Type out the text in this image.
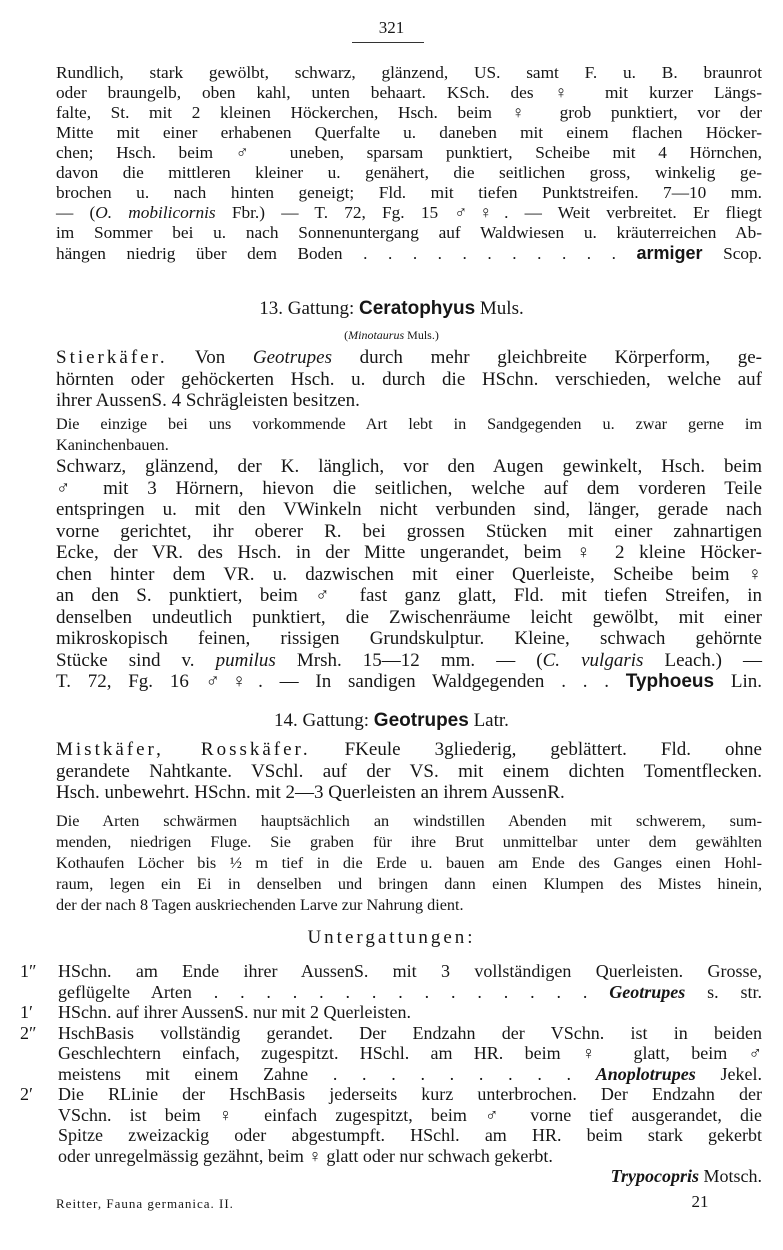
321
Rundlich, stark gewölbt, schwarz, glänzend, US. samt F. u. B. braunrot
oder braungelb, oben kahl, unten behaart. KSch. des ♀ mit kurzer Längs-
falte, St. mit 2 kleinen Höckerchen, Hsch. beim ♀ grob punktiert, vor der
Mitte mit einer erhabenen Querfalte u. daneben mit einem flachen Höcker-
chen; Hsch. beim ♂ uneben, sparsam punktiert, Scheibe mit 4 Hörnchen,
davon die mittleren kleiner u. genähert, die seitlichen gross, winkelig ge-
brochen u. nach hinten geneigt; Fld. mit tiefen Punktstreifen. 7—10 mm.
— (O. mobilicornis Fbr.) — T. 72, Fg. 15 ♂♀. — Weit verbreitet. Er fliegt
im Sommer bei u. nach Sonnenuntergang auf Waldwiesen u. kräuterreichen Ab-
hängen niedrig über dem Boden . . . . . . . . . . . armiger Scop.
13. Gattung: Ceratophyus Muls.
(Minotaurus Muls.)
Stierkäfer. Von Geotrupes durch mehr gleichbreite Körperform, ge-
hörnten oder gehöckerten Hsch. u. durch die HSchn. verschieden, welche auf
ihrer AussenS. 4 Schrägleisten besitzen.
Die einzige bei uns vorkommende Art lebt in Sandgegenden u. zwar gerne im
Kaninchenbauen.
Schwarz, glänzend, der K. länglich, vor den Augen gewinkelt, Hsch. beim
♂ mit 3 Hörnern, hievon die seitlichen, welche auf dem vorderen Teile
entspringen u. mit den VWinkeln nicht verbunden sind, länger, gerade nach
vorne gerichtet, ihr oberer R. bei grossen Stücken mit einer zahnartigen
Ecke, der VR. des Hsch. in der Mitte ungerandet, beim ♀ 2 kleine Höcker-
chen hinter dem VR. u. dazwischen mit einer Querleiste, Scheibe beim ♀
an den S. punktiert, beim ♂ fast ganz glatt, Fld. mit tiefen Streifen, in
denselben undeutlich punktiert, die Zwischenräume leicht gewölbt, mit einer
mikroskopisch feinen, rissigen Grundskulptur. Kleine, schwach gehörnte
Stücke sind v. pumilus Mrsh. 15—12 mm. — (C. vulgaris Leach.) —
T. 72, Fg. 16 ♂♀. — In sandigen Waldgegenden . . . Typhoeus Lin.
14. Gattung: Geotrupes Latr.
Mistkäfer, Rosskäfer. FKeule 3gliederig, geblättert. Fld. ohne
gerandete Nahtkante. VSchl. auf der VS. mit einem dichten Tomentflecken.
Hsch. unbewehrt. HSchn. mit 2—3 Querleisten an ihrem AussenR.
Die Arten schwärmen hauptsächlich an windstillen Abenden mit schwerem, sum-
menden, niedrigen Fluge. Sie graben für ihre Brut unmittelbar unter dem gewählten
Kothaufen Löcher bis ½ m tief in die Erde u. bauen am Ende des Ganges einen Hohl-
raum, legen ein Ei in denselben und bringen dann einen Klumpen des Mistes hinein,
der der nach 8 Tagen auskriechenden Larve zur Nahrung dient.
Untergattungen:
1″	HSchn. am Ende ihrer AussenS. mit 3 vollständigen Querleisten. Grosse,
geflügelte Arten . . . . . . . . . . . . . . . Geotrupes s. str.
1′	HSchn. auf ihrer AussenS. nur mit 2 Querleisten.
2″	HschBasis vollständig gerandet. Der Endzahn der VSchn. ist in beiden
Geschlechtern einfach, zugespitzt. HSchl. am HR. beim ♀ glatt, beim ♂
meistens mit einem Zahne . . . . . . . . . Anoplotrupes Jekel.
2′	Die RLinie der HschBasis jederseits kurz unterbrochen. Der Endzahn der
VSchn. ist beim ♀ einfach zugespitzt, beim ♂ vorne tief ausgerandet, die
Spitze zweizackig oder abgestumpft. HSchl. am HR. beim stark gekerbt
oder unregelmässig gezähnt, beim ♀ glatt oder nur schwach gekerbt.
Trypocopris Motsch.
Reitter, Fauna germanica. II.	21
